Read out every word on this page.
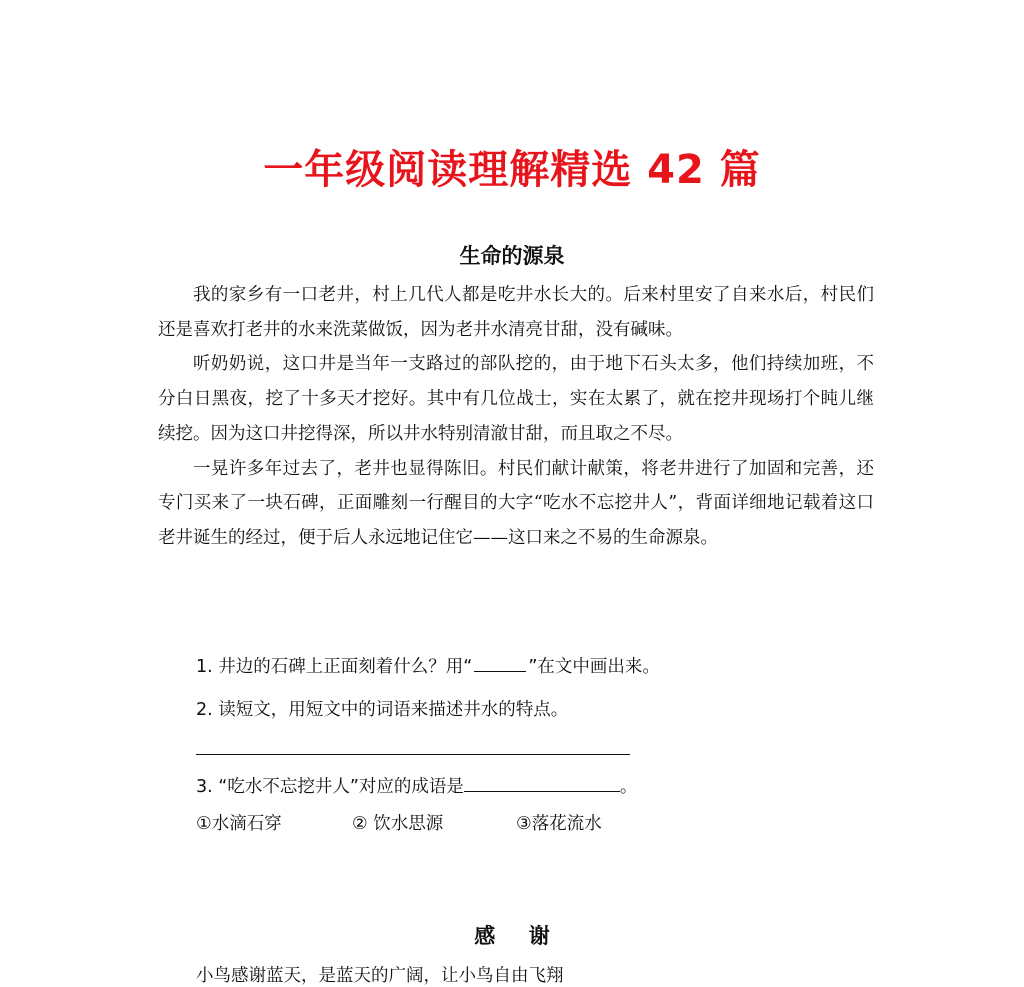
一年级阅读理解精选 42 篇
生命的源泉

我的家乡有一口老井，村上几代人都是吃井水长大的。后来村里安了自来水后，村民们还是喜欢打老井的水来洗菜做饭，因为老井水清亮甘甜，没有碱味。

听奶奶说，这口井是当年一支路过的部队挖的，由于地下石头太多，他们持续加班，不分白日黑夜，挖了十多天才挖好。其中有几位战士，实在太累了，就在挖井现场打个盹儿继续挖。因为这口井挖得深，所以井水特别清澈甘甜，而且取之不尽。

一晃许多年过去了，老井也显得陈旧。村民们献计献策，将老井进行了加固和完善，还专门买来了一块石碑，正面雕刻一行醒目的大字“吃水不忘挖井人”，背面详细地记载着这口老井诞生的经过，便于后人永远地记住它——这口来之不易的生命源泉。

1. 井边的石碑上正面刻着什么？用“	”在文中画出来。
2. 读短文，用短文中的词语来描述井水的特点。
3. “吃水不忘挖井人”对应的成语是	。
①水滴石穿	② 饮水思源	③落花流水
感谢
小鸟感谢蓝天，是蓝天的广阔，让小鸟自由飞翔
